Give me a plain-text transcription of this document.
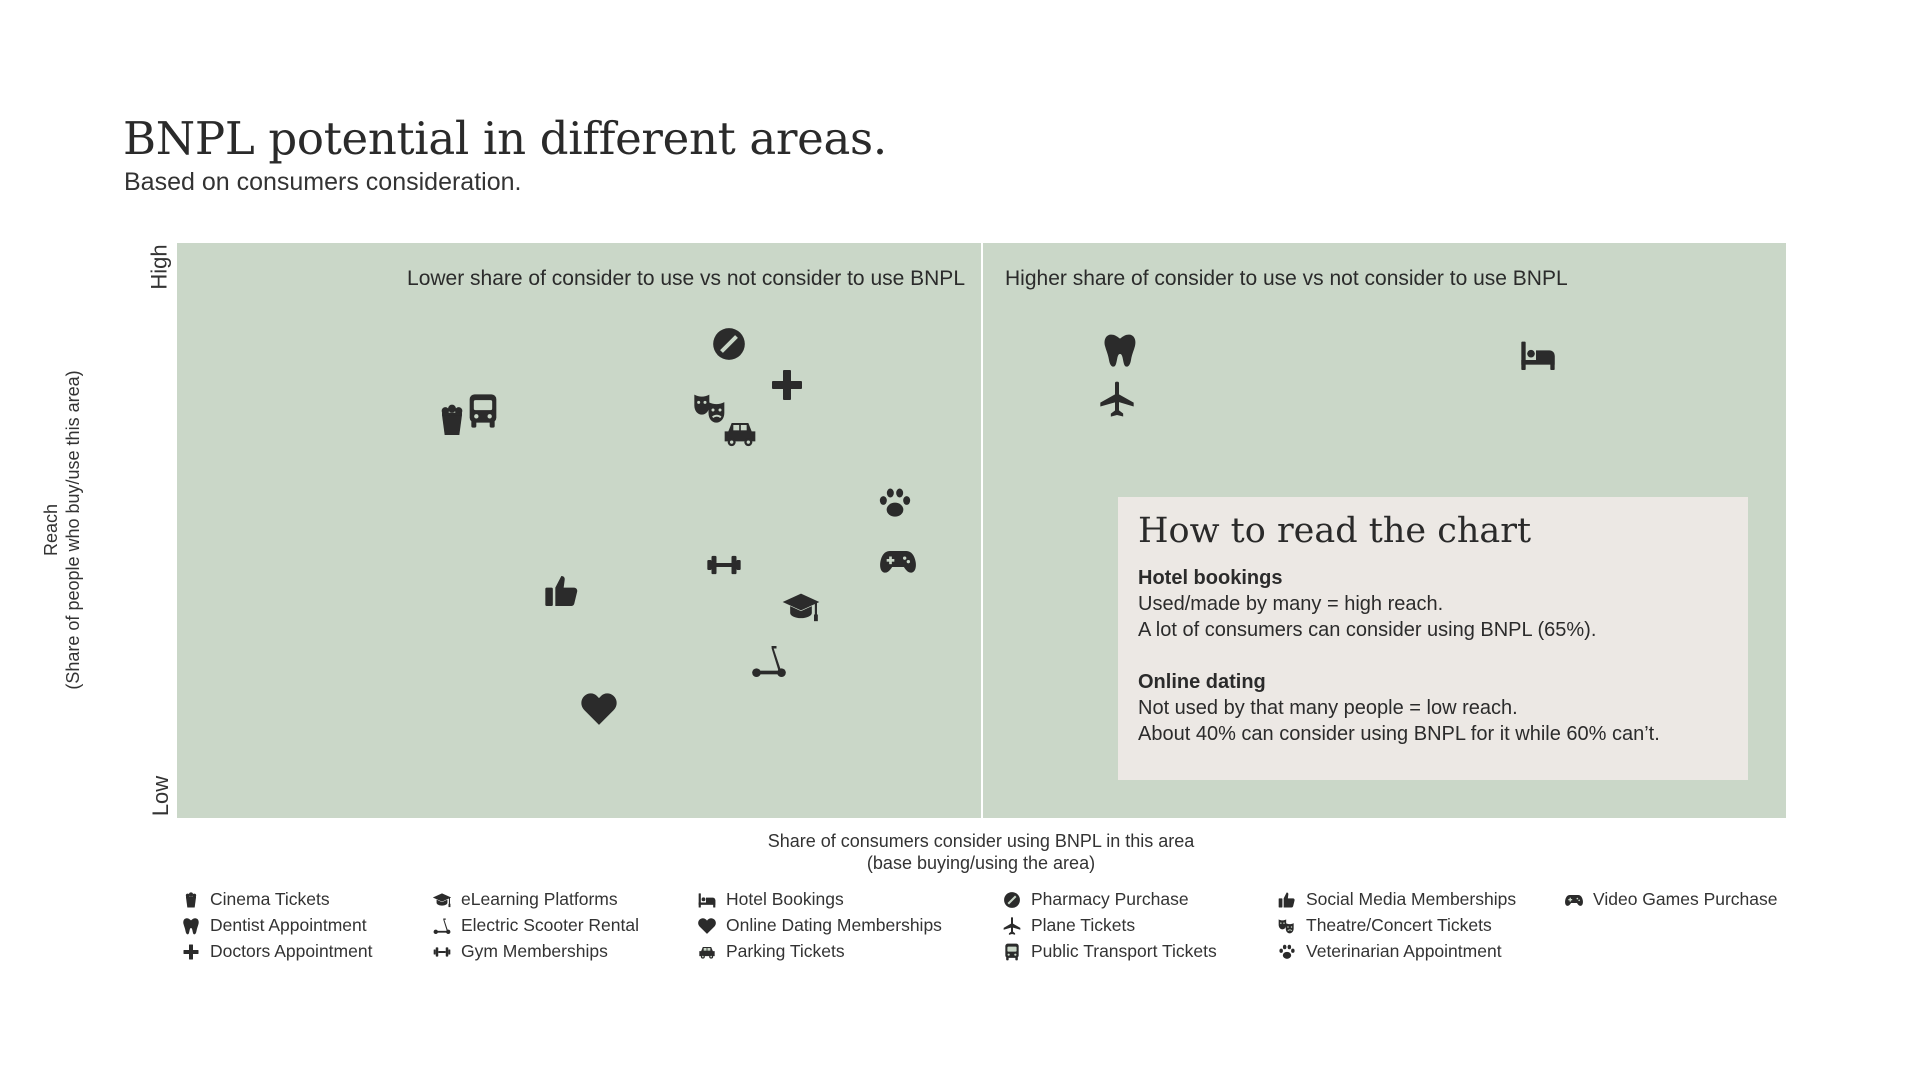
BNPL potential in different areas.
Based on consumers consideration.
High
Low
Reach (Share of people who buy/use this area)
Lower share of consider to use vs not consider to use BNPL Higher share of consider to use vs not consider to use BNPL
How to read the chart
Hotel bookings
Used/made by many = high reach.
A lot of consumers can consider using BNPL (65%).
Online dating
Not used by that many people = low reach.
About 40% can consider using BNPL for it while 60% can’t.
Share of consumers consider using BNPL in this area
(base buying/using the area)
Cinema Tickets
Dentist Appointment
Doctors Appointment
eLearning Platforms
Electric Scooter Rental
Gym Memberships
Hotel Bookings
Online Dating Memberships
Parking Tickets
Pharmacy Purchase
Plane Tickets
Public Transport Tickets
Social Media Memberships
Theatre/Concert Tickets
Veterinarian Appointment
Video Games Purchase
